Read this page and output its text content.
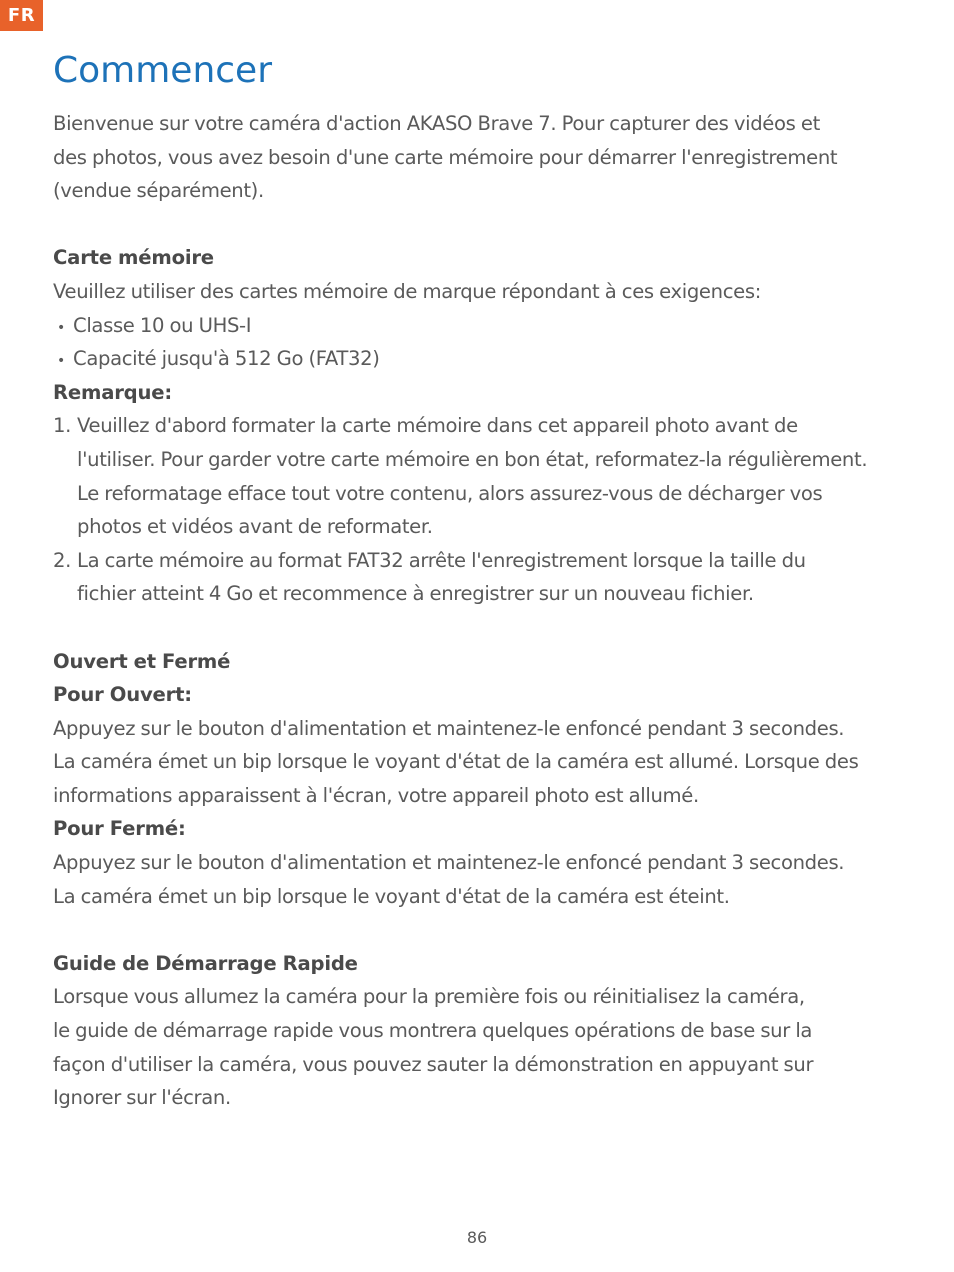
FR
Commencer
Bienvenue sur votre caméra d'action AKASO Brave 7. Pour capturer des vidéos et
des photos, vous avez besoin d'une carte mémoire pour démarrer l'enregistrement
(vendue séparément).
Carte mémoire
Veuillez utiliser des cartes mémoire de marque répondant à ces exigences:
• Classe 10 ou UHS-I
• Capacité jusqu'à 512 Go (FAT32)
Remarque:
1. Veuillez d'abord formater la carte mémoire dans cet appareil photo avant de
l'utiliser. Pour garder votre carte mémoire en bon état, reformatez-la régulièrement.
Le reformatage efface tout votre contenu, alors assurez-vous de décharger vos
photos et vidéos avant de reformater.
2. La carte mémoire au format FAT32 arrête l'enregistrement lorsque la taille du
fichier atteint 4 Go et recommence à enregistrer sur un nouveau fichier.
Ouvert et Fermé
Pour Ouvert:
Appuyez sur le bouton d'alimentation et maintenez-le enfoncé pendant 3 secondes.
La caméra émet un bip lorsque le voyant d'état de la caméra est allumé. Lorsque des
informations apparaissent à l'écran, votre appareil photo est allumé.
Pour Fermé:
Appuyez sur le bouton d'alimentation et maintenez-le enfoncé pendant 3 secondes.
La caméra émet un bip lorsque le voyant d'état de la caméra est éteint.
Guide de Démarrage Rapide
Lorsque vous allumez la caméra pour la première fois ou réinitialisez la caméra,
le guide de démarrage rapide vous montrera quelques opérations de base sur la
façon d'utiliser la caméra, vous pouvez sauter la démonstration en appuyant sur
Ignorer sur l'écran.
86
